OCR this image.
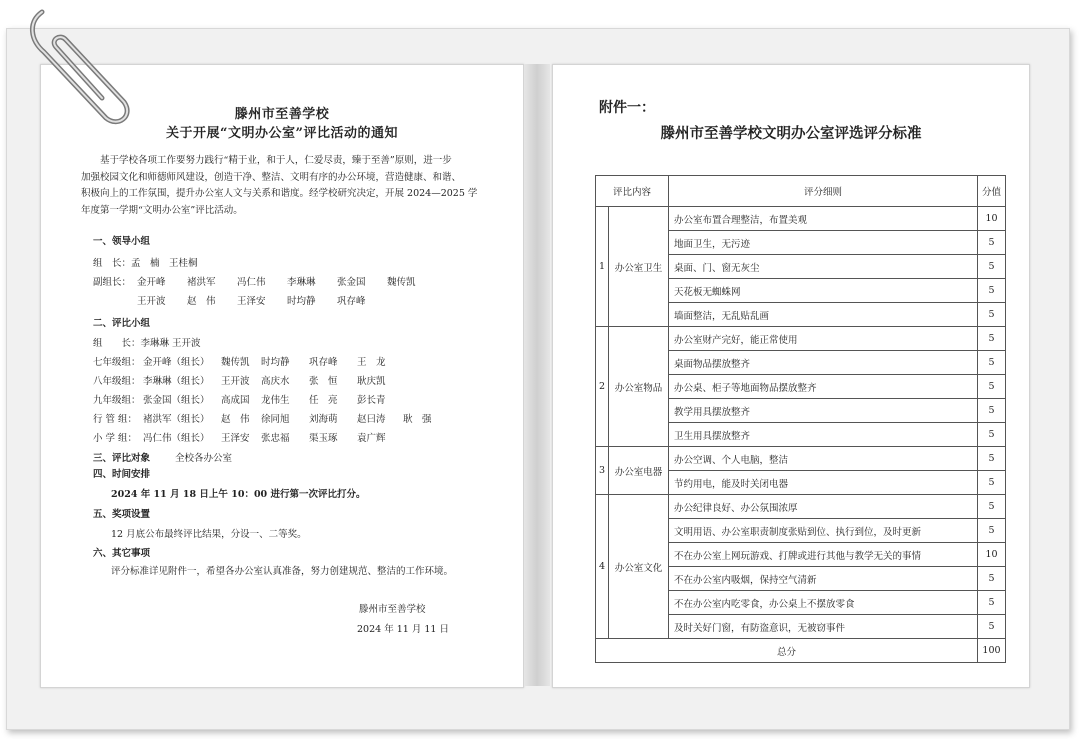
滕州市至善学校
关于开展“文明办公室”评比活动的通知
基于学校各项工作要努力践行“精于业，和于人，仁爱尽责，臻于至善”原则，进一步
加强校园文化和师德师风建设，创造干净、整洁、文明有序的办公环境，营造健康、和谐、
积极向上的工作氛围，提升办公室人文与关系和谐度。经学校研究决定，开展 2024—2025 学
年度第一学期“文明办公室”评比活动。
一、领导小组
组　长：孟　楠　王桂桐
副组长： 金开峰 褚洪军 冯仁伟 李琳琳 张金国 魏传凯
王开波 赵　伟 王泽安 时均静 巩存峰
二、评比小组
组　　长：李琳琳 王开波
七年级组： 金开峰（组长） 魏传凯 时均静 巩存峰 王　龙
八年级组： 李琳琳（组长） 王开波 高庆水 张　恒 耿庆凯
九年级组： 张金国（组长） 高成国 龙伟生 任　亮 彭长青
行 管 组： 褚洪军（组长） 赵　伟 徐同旭 刘海萌 赵曰涛 耿　强
小 学 组： 冯仁伟（组长） 王泽安 张忠福 渠玉琢 袁广辉
三、评比对象	全校各办公室
四、时间安排
2024 年 11 月 18 日上午 10：00 进行第一次评比打分。
五、奖项设置
12 月底公布最终评比结果，分设一、二等奖。
六、其它事项
评分标准详见附件一，希望各办公室认真准备，努力创建规范、整洁的工作环境。
滕州市至善学校
2024 年 11 月 11 日
附件一：
滕州市至善学校文明办公室评选评分标准
评比内容		评分细则	分值
1	办公室卫生	办公室布置合理整洁，布置美观	10
		地面卫生，无污迹	5
		桌面、门、窗无灰尘	5
		天花板无蜘蛛网	5
		墙面整洁，无乱贴乱画	5
2	办公室物品	办公室财产完好，能正常使用	5
		桌面物品摆放整齐	5
		办公桌、柜子等地面物品摆放整齐	5
		教学用具摆放整齐	5
		卫生用具摆放整齐	5
3	办公室电器	办公空调、个人电脑，整洁	5
		节约用电，能及时关闭电器	5
4	办公室文化	办公纪律良好、办公氛围浓厚	5
		文明用语、办公室职责制度张贴到位、执行到位，及时更新	5
		不在办公室上网玩游戏、打牌或进行其他与教学无关的事情	10
		不在办公室内吸烟，保持空气清新	5
		不在办公室内吃零食，办公桌上不摆放零食	5
		及时关好门窗，有防盗意识，无被窃事件	5
总分			100
